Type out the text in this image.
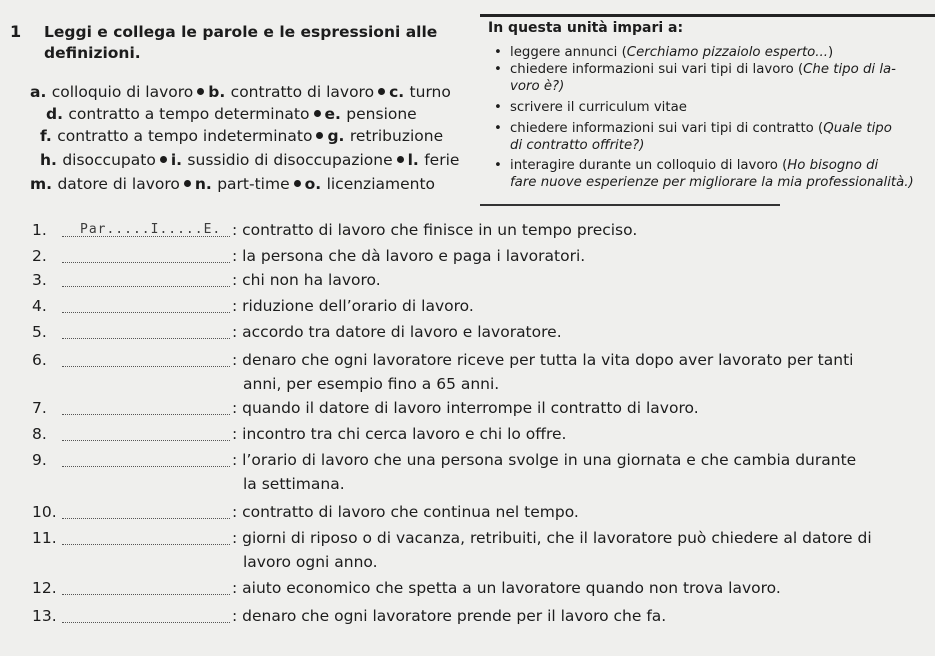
1 Leggi e collega le parole e le espressioni alle definizioni.
a. colloquio di lavoro b. contratto di lavoro c. turno
d. contratto a tempo determinato e. pensione
f. contratto a tempo indeterminato g. retribuzione
h. disoccupato i. sussidio di disoccupazione l. ferie
m. datore di lavoro n. part-time o. licenziamento
In questa unità impari a:
• leggere annunci (Cerchiamo pizzaiolo esperto...)
• chiedere informazioni sui vari tipi di lavoro (Che tipo di la-
voro è?)
• scrivere il curriculum vitae
• chiedere informazioni sui vari tipi di contratto (Quale tipo
di contratto offrite?)
• interagire durante un colloquio di lavoro (Ho bisogno di
fare nuove esperienze per migliorare la mia professionalità.)
1.	Par.....I.....E. : contratto di lavoro che finisce in un tempo preciso.
2.	: la persona che dà lavoro e paga i lavoratori.
3.	: chi non ha lavoro.
4.	: riduzione dell’orario di lavoro.
5.	: accordo tra datore di lavoro e lavoratore.
6.	: denaro che ogni lavoratore riceve per tutta la vita dopo aver lavorato per tanti
anni, per esempio fino a 65 anni.
7.	: quando il datore di lavoro interrompe il contratto di lavoro.
8.	: incontro tra chi cerca lavoro e chi lo offre.
9.	: l’orario di lavoro che una persona svolge in una giornata e che cambia durante
la settimana.
10.	: contratto di lavoro che continua nel tempo.
11.	: giorni di riposo o di vacanza, retribuiti, che il lavoratore può chiedere al datore di
lavoro ogni anno.
12.	: aiuto economico che spetta a un lavoratore quando non trova lavoro.
13.	: denaro che ogni lavoratore prende per il lavoro che fa.
